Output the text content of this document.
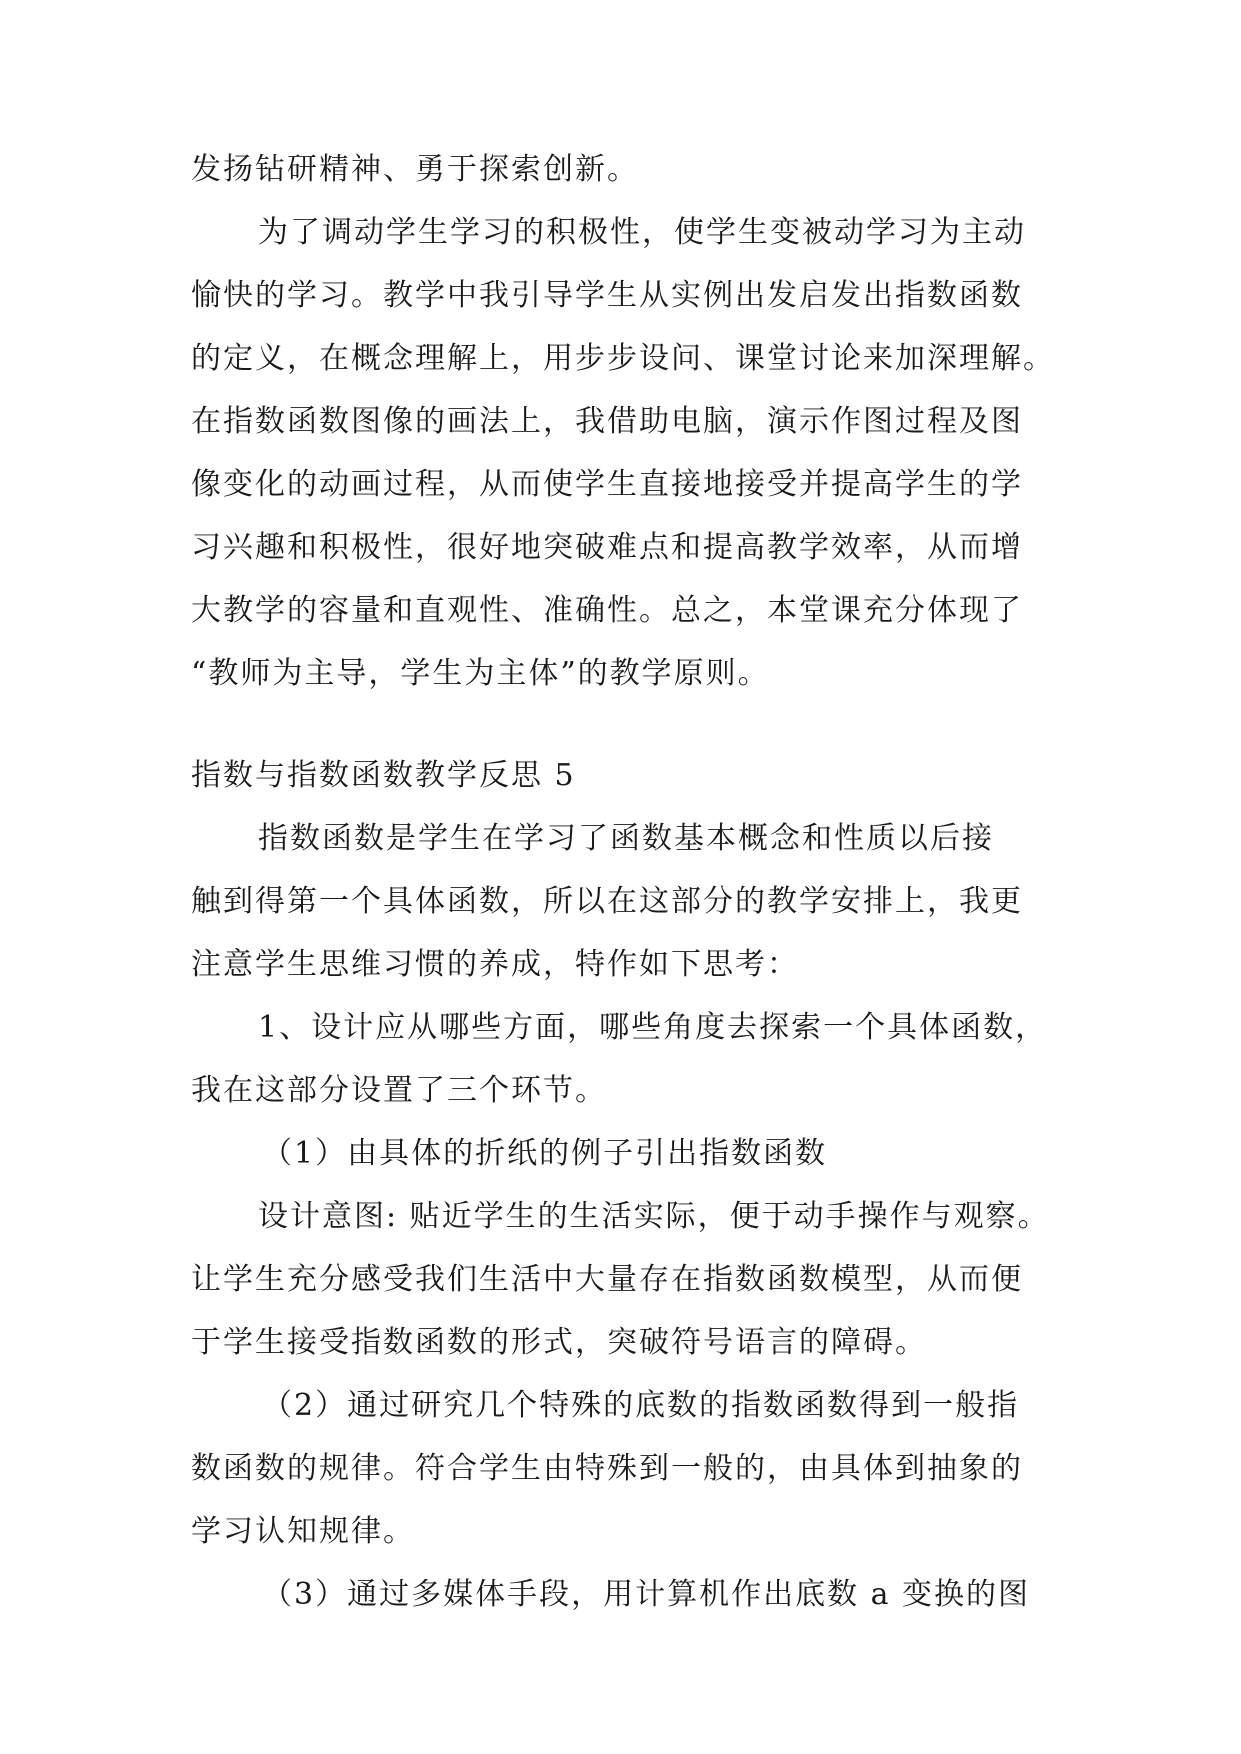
发扬钻研精神、勇于探索创新。
为了调动学生学习的积极性，使学生变被动学习为主动
愉快的学习。教学中我引导学生从实例出发启发出指数函数
的定义，在概念理解上，用步步设问、课堂讨论来加深理解。
在指数函数图像的画法上，我借助电脑，演示作图过程及图
像变化的动画过程，从而使学生直接地接受并提高学生的学
习兴趣和积极性，很好地突破难点和提高教学效率，从而增
大教学的容量和直观性、准确性。总之，本堂课充分体现了
“教师为主导，学生为主体”的教学原则。
指数与指数函数教学反思 5
指数函数是学生在学习了函数基本概念和性质以后接
触到得第一个具体函数，所以在这部分的教学安排上，我更
注意学生思维习惯的养成，特作如下思考：
1、设计应从哪些方面，哪些角度去探索一个具体函数，
我在这部分设置了三个环节。
（1）由具体的折纸的例子引出指数函数
设计意图: 贴近学生的生活实际，便于动手操作与观察。
让学生充分感受我们生活中大量存在指数函数模型，从而便
于学生接受指数函数的形式，突破符号语言的障碍。
（2）通过研究几个特殊的底数的指数函数得到一般指
数函数的规律。符合学生由特殊到一般的，由具体到抽象的
学习认知规律。
（3）通过多媒体手段，用计算机作出底数 a 变换的图
